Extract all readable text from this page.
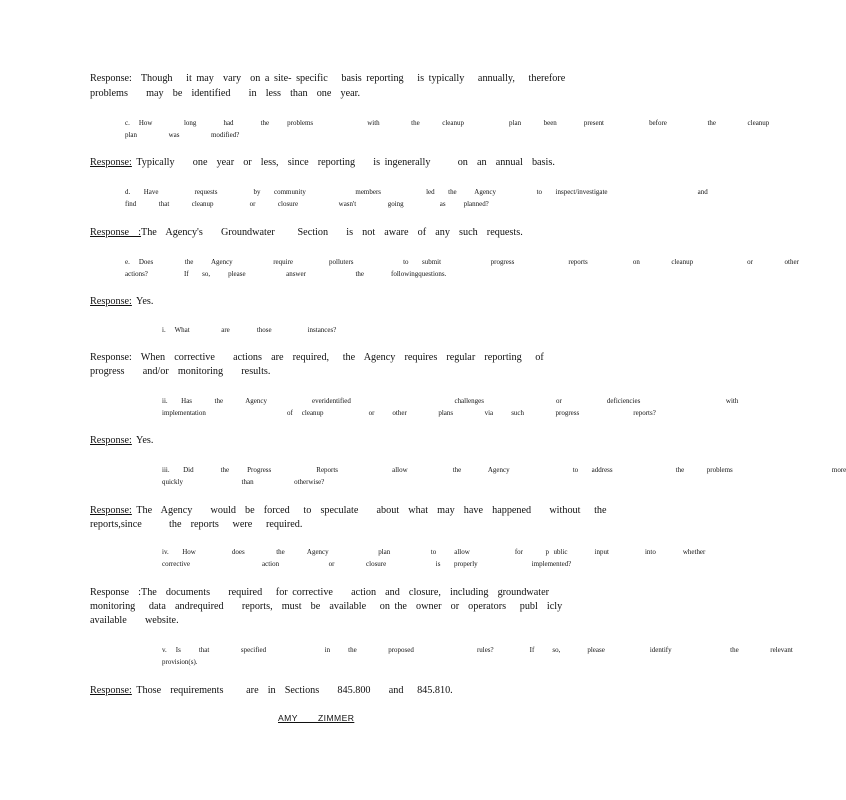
Response: Though   it may  vary  on a site- specific   basis reporting   is typically   annually,   therefore
problems    may  be  identified    in  less  than  one  year.
c.  How       long      had      the    problems            with       the     cleanup          plan     been      present          before         the       cleanup
plan       was       modified?
Response: Typically    one  year  or  less,  since  reporting    is ingenerally      on  an  annual  basis.
d.   Have        requests        by   community           members          led   the    Agency         to   inspect/investigate                    and
find     that     cleanup        or     closure         wasn't       going        as    planned?
Response  :The  Agency's    Groundwater     Section    is  not  aware  of  any  such  requests.
e.  Does       the    Agency         require        polluters           to   submit           progress            reports          on       cleanup            or       other
actions?        If   so,    please         answer           the      followingquestions.
Response: Yes.
i.  What       are      those        instances?
Response:  When  corrective    actions  are  required,   the  Agency  requires  regular  reporting   of
progress    and/or  monitoring    results.
ii.   Has     the     Agency          everidentified                       challenges                or          deficiencies                   with
implementation                  of  cleanup          or    other       plans       via    such       progress            reports?
Response: Yes.
iii.   Did      the    Progress          Reports            allow          the      Agency              to   address              the     problems                      more
quickly             than         otherwise?
Response: The  Agency    would  be  forced   to  speculate    about  what  may  have  happened    without   the
reports,since      the  reports   were   required.
iv.   How        does       the     Agency           plan         to    allow          for     p ublic      input        into      whether
corrective                action           or       closure           is   properly            implemented?
Response  :The  documents    required   for corrective    action  and  closure,  including  groundwater
monitoring   data  andrequired    reports,  must  be  available   on the  owner  or  operators   publ  icly
available    website.
v.  Is    that       specified             in    the       proposed              rules?        If    so,      please          identify             the       relevant
provision(s).
Response: Those  requirements     are  in  Sections    845.800    and   845.810.
AMY   ZIMMER
